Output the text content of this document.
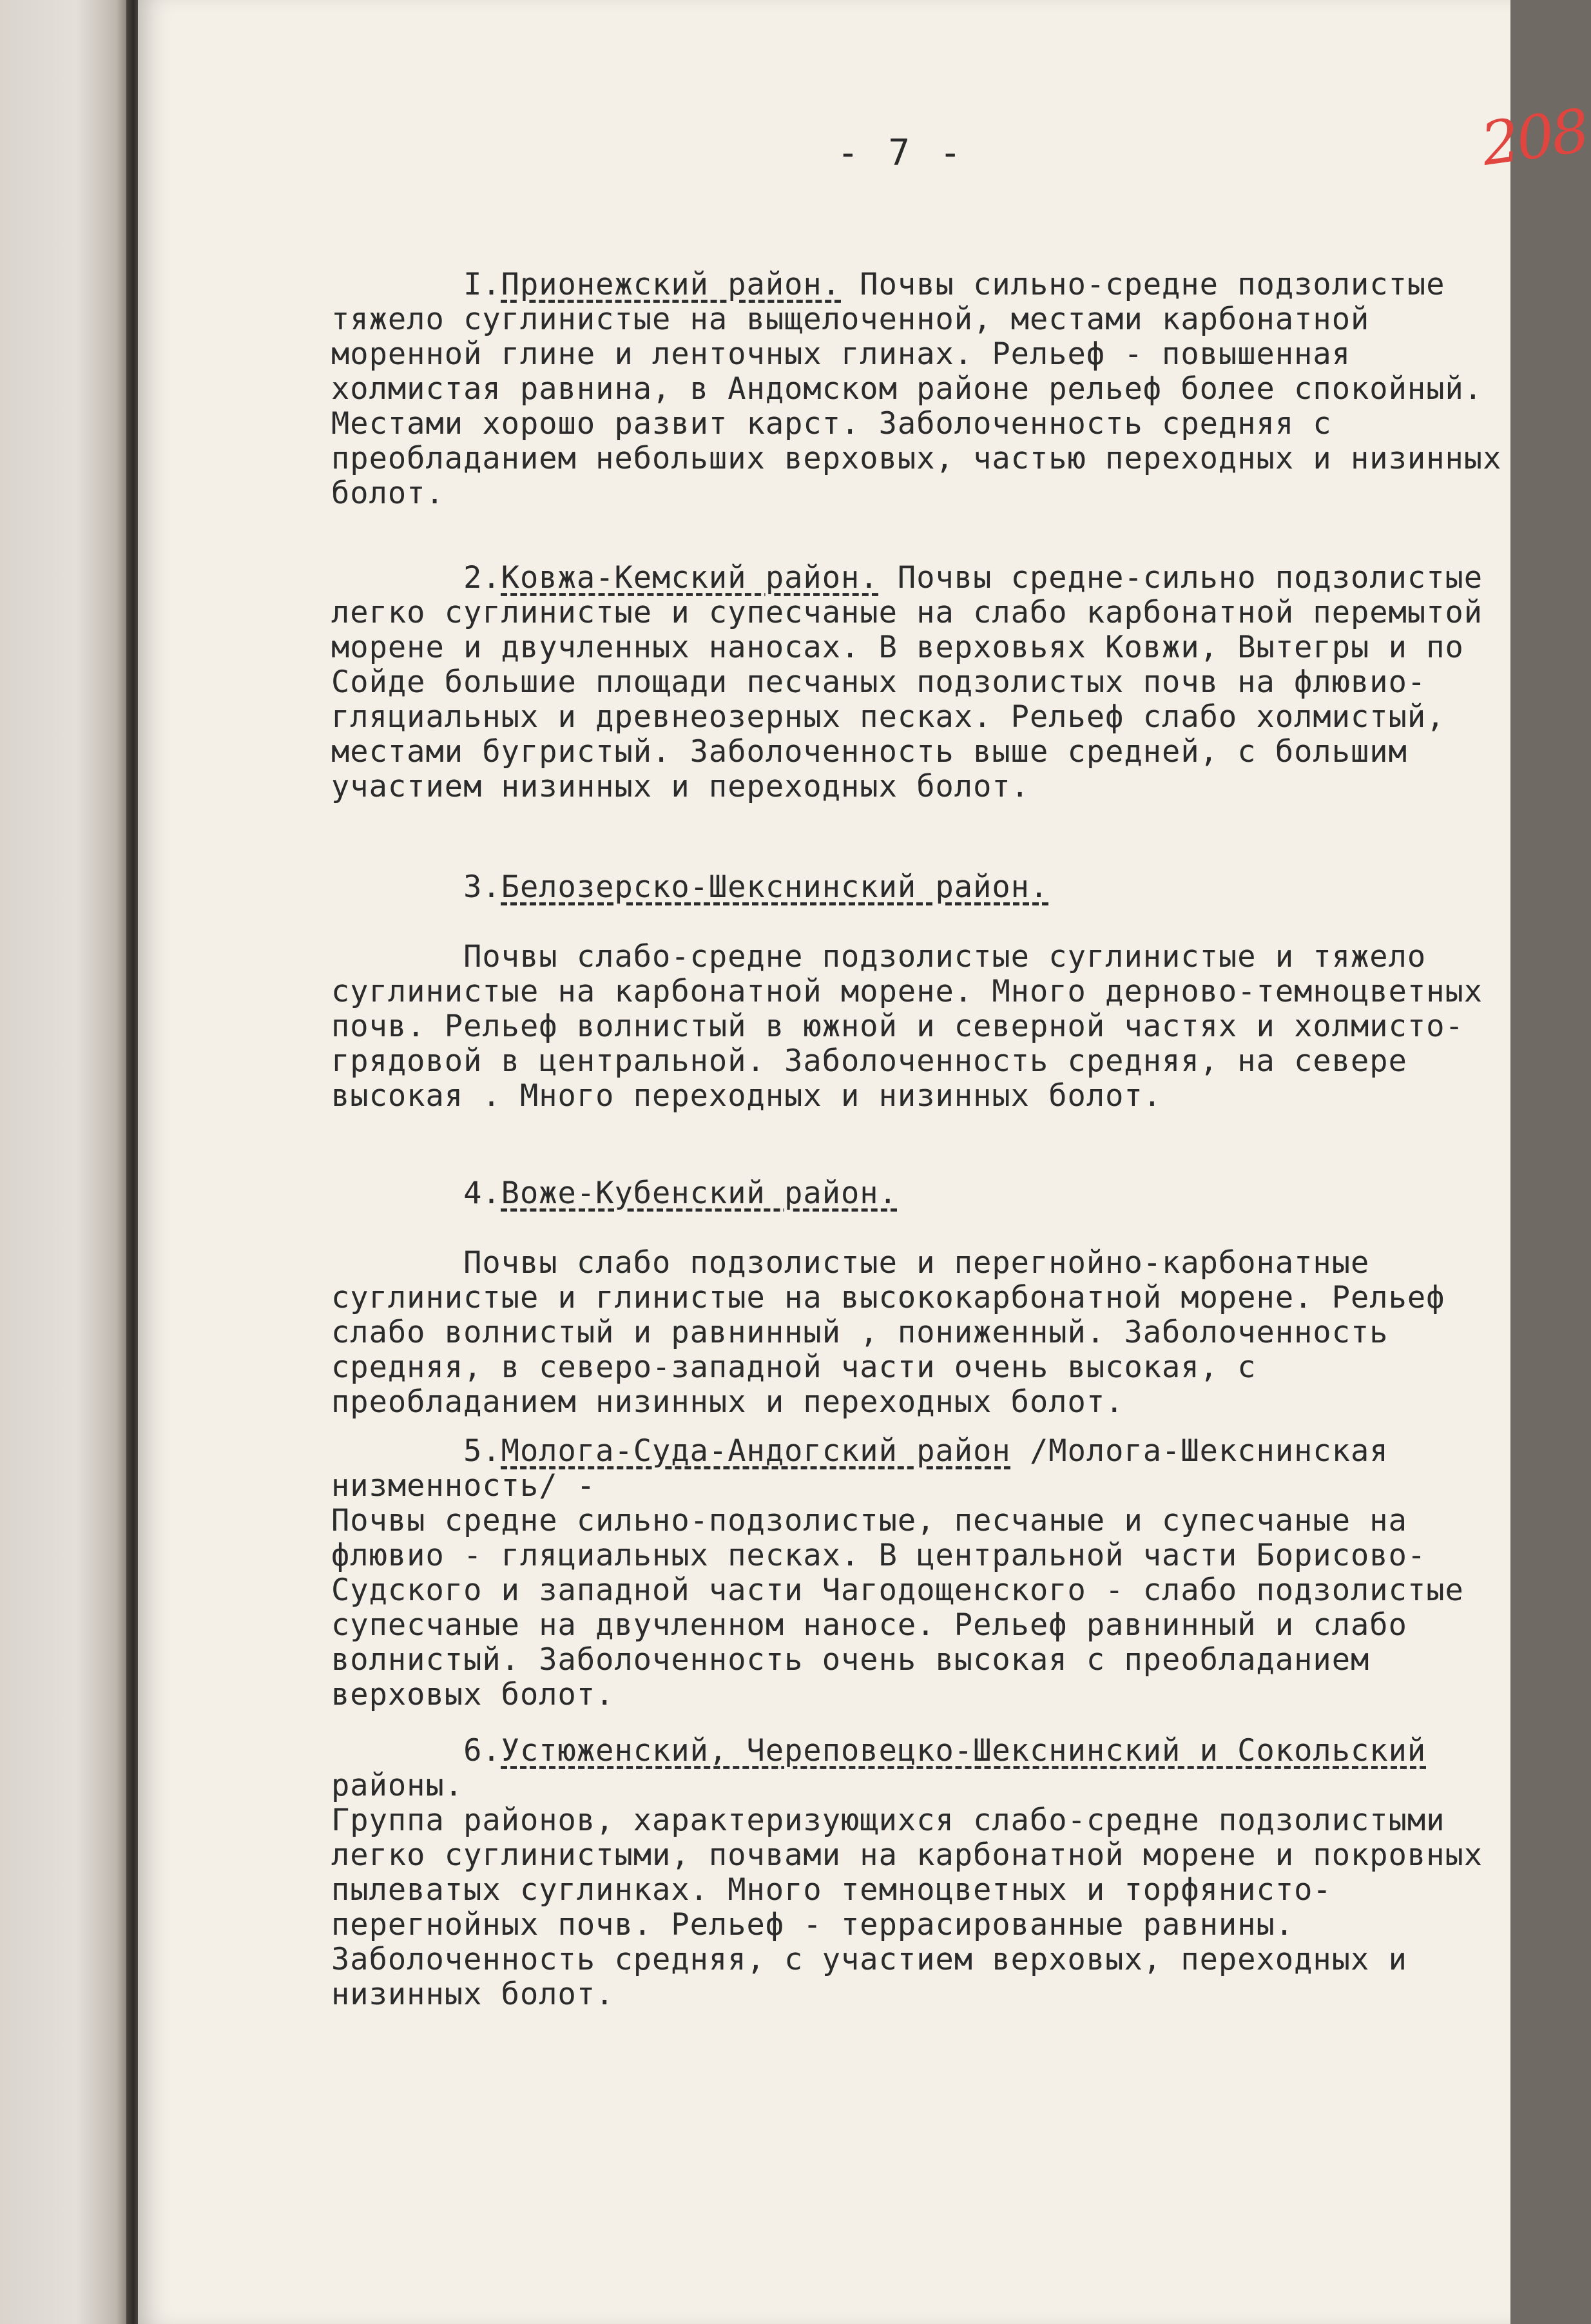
- 7 -	208
I.Прионежский район. Почвы сильно-средне подзолистые тяжело суглинистые на выщелоченной, местами карбонатной моренной глине и ленточных глинах. Рельеф - повышенная холмистая равнина, в Андомском районе рельеф более спокойный. Местами хорошо развит карст. Заболоченность средняя с преобладанием небольших верховых, частью переходных и низинных болот.
2.Ковжа-Кемский район. Почвы средне-сильно подзолистые легко суглинистые и супесчаные на слабо карбонатной перемытой морене и двучленных наносах. В верховьях Ковжи, Вытегры и по Сойде большие площади песчаных подзолистых почв на флювио-гляциальных и древнеозерных песках. Рельеф слабо холмистый, местами бугристый. Заболоченность выше средней, с большим участием низинных и переходных болот.
3.Белозерско-Шекснинский район.

Почвы слабо-средне подзолистые суглинистые и тяжело суглинистые на карбонатной морене. Много дерново-темноцветных почв. Рельеф волнистый в южной и северной частях и холмисто-грядовой в центральной. Заболоченность средняя, на севере высокая . Много переходных и низинных болот.
4.Воже-Кубенский район.

Почвы слабо подзолистые и перегнойно-карбонатные суглинистые и глинистые на высококарбонатной морене. Рельеф слабо волнистый и равнинный , пониженный. Заболоченность средняя, в северо-западной части очень высокая, с преобладанием низинных и переходных болот.
5.Молога-Суда-Андогский район /Молога-Шекснинская низменность/ -
Почвы средне сильно-подзолистые, песчаные и супесчаные на флювио - гляциальных песках. В центральной части Борисово-Судского и западной части Чагодощенского - слабо подзолистые супесчаные на двучленном наносе. Рельеф равнинный и слабо волнистый. Заболоченность очень высокая с преобладанием верховых болот.
6.Устюженский, Череповецко-Шекснинский и Сокольский районы.
Группа районов, характеризующихся слабо-средне подзолистыми легко суглинистыми, почвами на карбонатной морене и покровных пылеватых суглинках. Много темноцветных и торфянисто-перегнойных почв. Рельеф - террасированные равнины. Заболоченность средняя, с участием верховых, переходных и низинных болот.
